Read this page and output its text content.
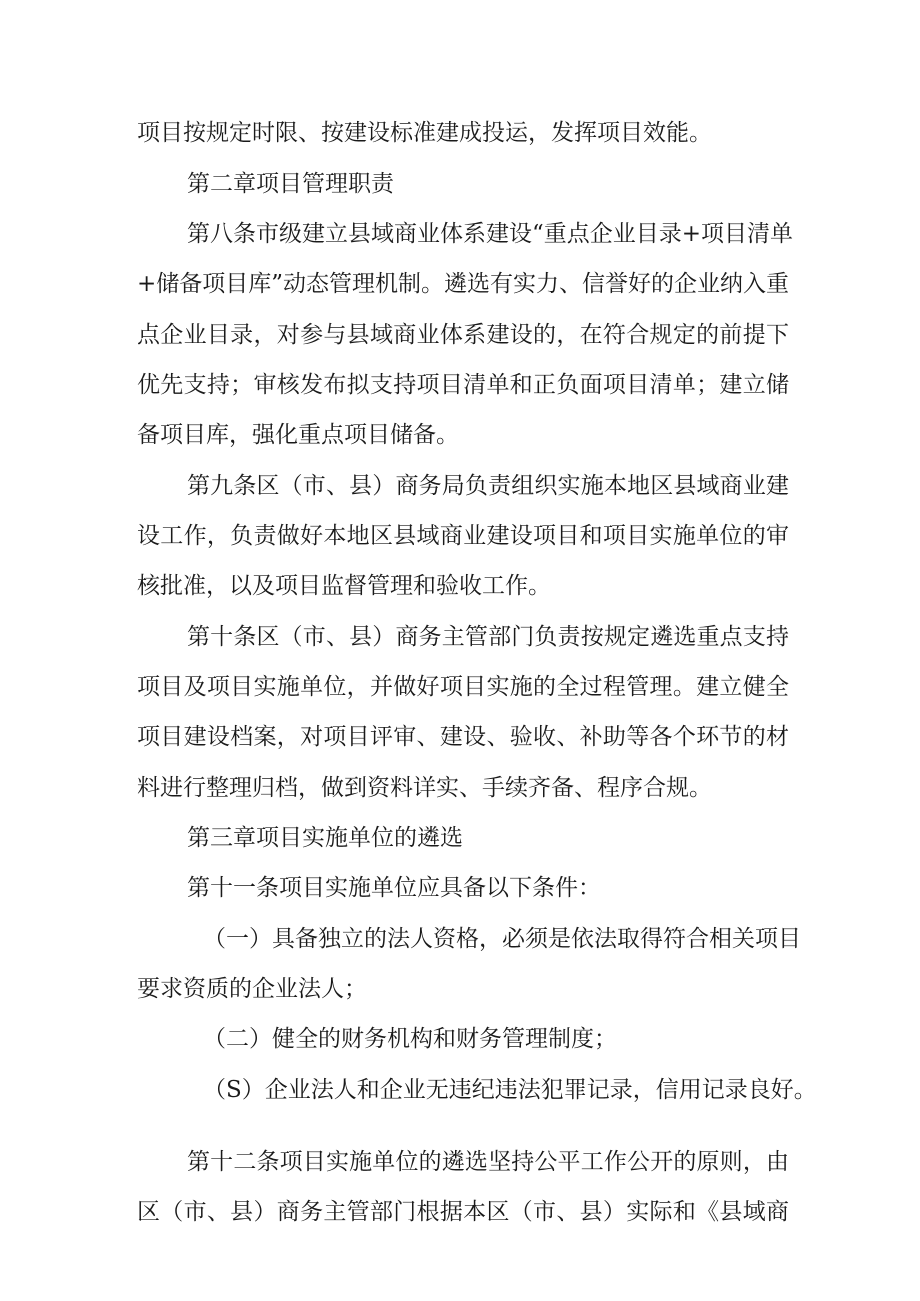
项目按规定时限、按建设标准建成投运，发挥项目效能。
第二章项目管理职责
第八条市级建立县域商业体系建设“重点企业目录+项目清单
+储备项目库”动态管理机制。遴选有实力、信誉好的企业纳入重
点企业目录，对参与县域商业体系建设的，在符合规定的前提下
优先支持；审核发布拟支持项目清单和正负面项目清单；建立储
备项目库，强化重点项目储备。
第九条区（市、县）商务局负责组织实施本地区县域商业建
设工作，负责做好本地区县域商业建设项目和项目实施单位的审
核批准，以及项目监督管理和验收工作。
第十条区（市、县）商务主管部门负责按规定遴选重点支持
项目及项目实施单位，并做好项目实施的全过程管理。建立健全
项目建设档案，对项目评审、建设、验收、补助等各个环节的材
料进行整理归档，做到资料详实、手续齐备、程序合规。
第三章项目实施单位的遴选
第十一条项目实施单位应具备以下条件：
（一）具备独立的法人资格，必须是依法取得符合相关项目
要求资质的企业法人；
（二）健全的财务机构和财务管理制度；
（S）企业法人和企业无违纪违法犯罪记录，信用记录良好。
第十二条项目实施单位的遴选坚持公平工作公开的原则，由
区（市、县）商务主管部门根据本区（市、县）实际和《县域商
